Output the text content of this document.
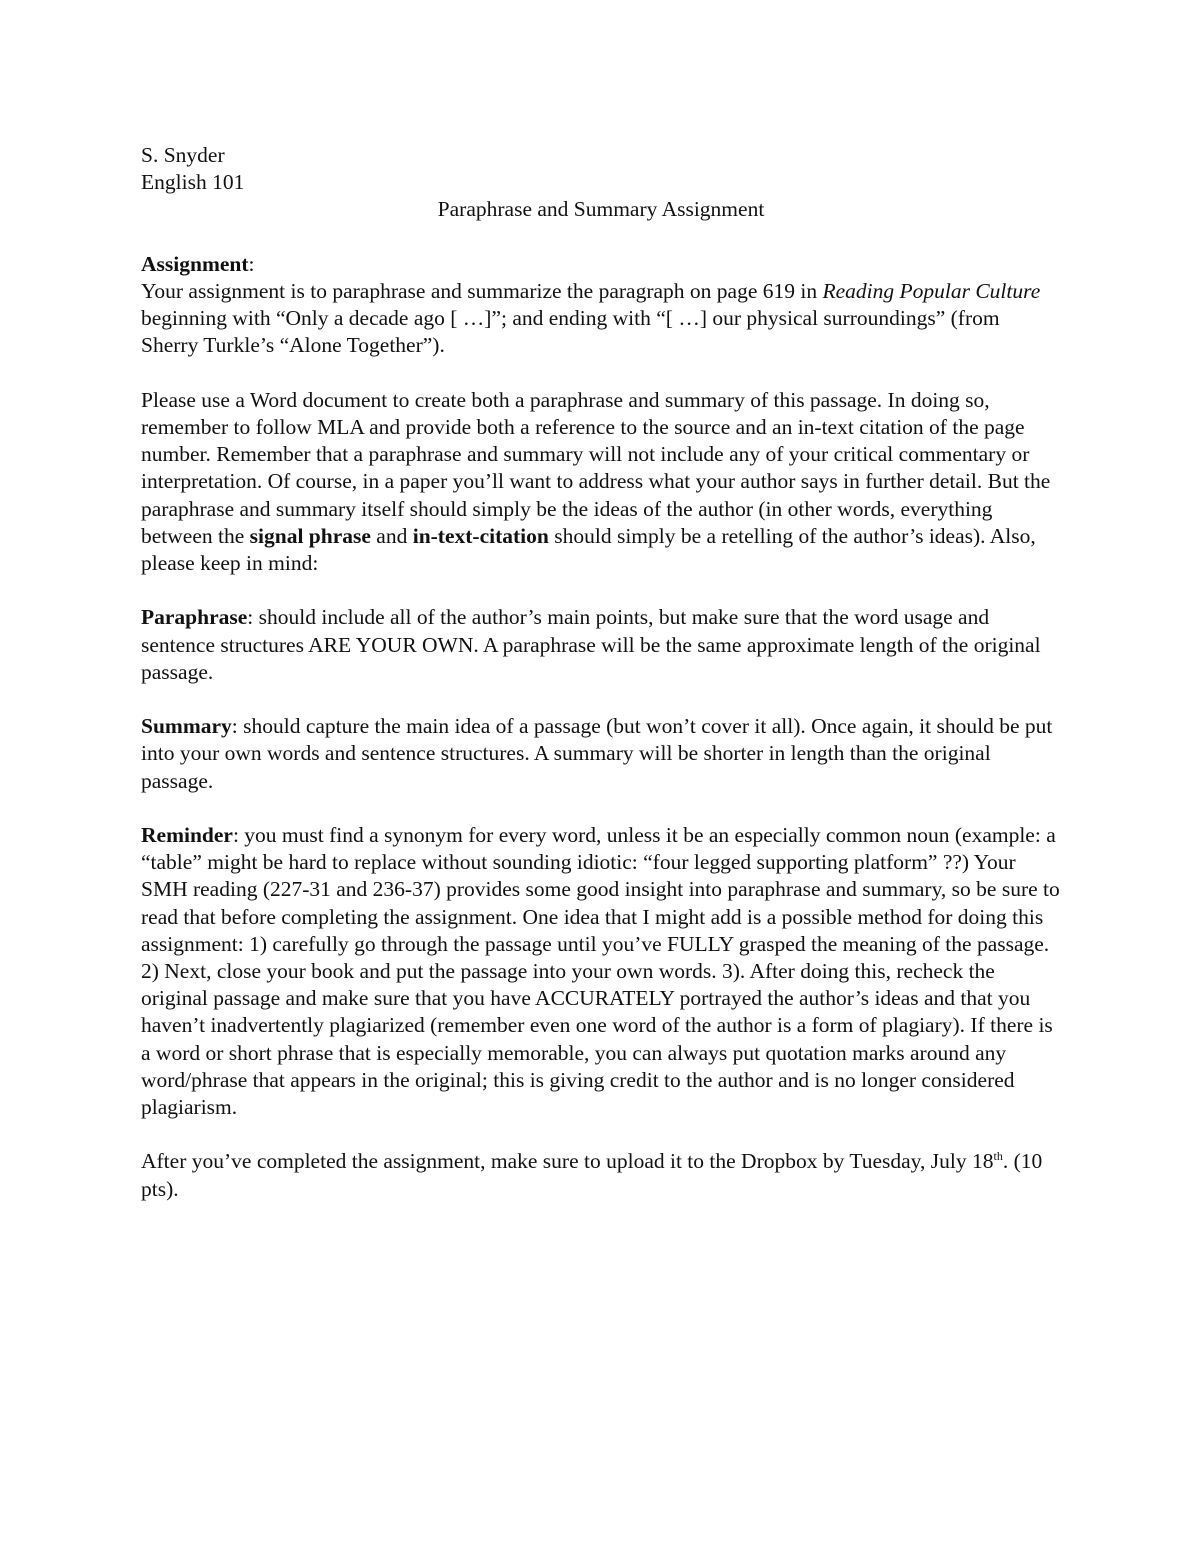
S. Snyder
English 101
Paraphrase and Summary Assignment

Assignment:

Your assignment is to paraphrase and summarize the paragraph on page 619 in Reading Popular Culture beginning with “Only a decade ago [ …]”; and ending with “[ …] our physical surroundings” (from Sherry Turkle’s “Alone Together”).

Please use a Word document to create both a paraphrase and summary of this passage. In doing so, remember to follow MLA and provide both a reference to the source and an in-text citation of the page number. Remember that a paraphrase and summary will not include any of your critical commentary or interpretation. Of course, in a paper you’ll want to address what your author says in further detail. But the paraphrase and summary itself should simply be the ideas of the author (in other words, everything between the signal phrase and in-text-citation should simply be a retelling of the author’s ideas). Also, please keep in mind:

Paraphrase: should include all of the author’s main points, but make sure that the word usage and sentence structures ARE YOUR OWN. A paraphrase will be the same approximate length of the original passage.

Summary: should capture the main idea of a passage (but won’t cover it all). Once again, it should be put into your own words and sentence structures. A summary will be shorter in length than the original passage.

Reminder: you must find a synonym for every word, unless it be an especially common noun (example: a “table” might be hard to replace without sounding idiotic: “four legged supporting platform” ??) Your SMH reading (227-31 and 236-37) provides some good insight into paraphrase and summary, so be sure to read that before completing the assignment. One idea that I might add is a possible method for doing this assignment: 1) carefully go through the passage until you’ve FULLY grasped the meaning of the passage. 2) Next, close your book and put the passage into your own words. 3). After doing this, recheck the original passage and make sure that you have ACCURATELY portrayed the author’s ideas and that you haven’t inadvertently plagiarized (remember even one word of the author is a form of plagiary). If there is a word or short phrase that is especially memorable, you can always put quotation marks around any word/phrase that appears in the original; this is giving credit to the author and is no longer considered plagiarism.

After you’ve completed the assignment, make sure to upload it to the Dropbox by Tuesday, July 18th. (10 pts).
